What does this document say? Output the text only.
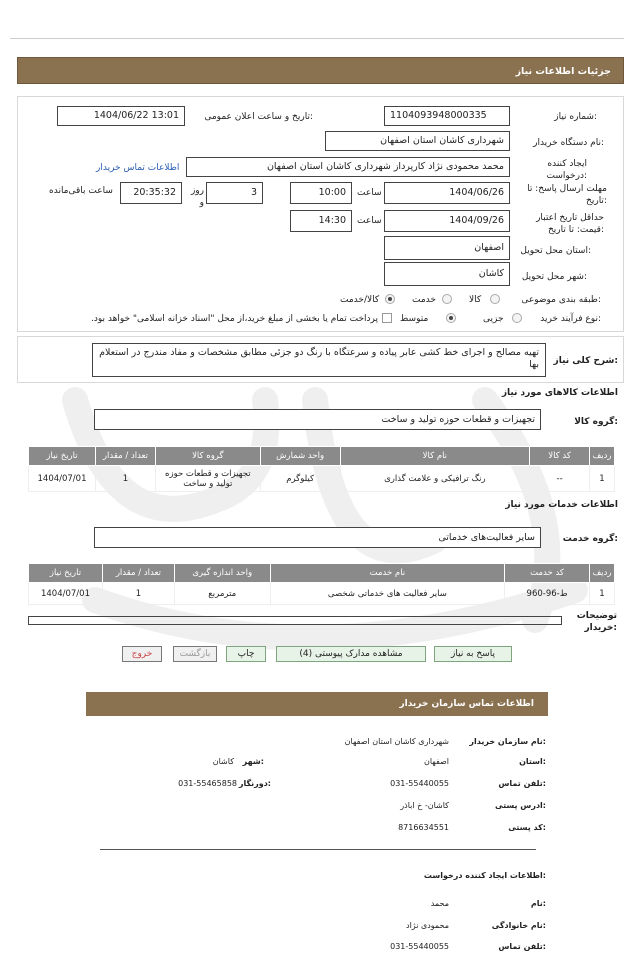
جزئیات اطلاعات نیاز
شماره نیاز:
1104093948000335
تاریخ و ساعت اعلان عمومی:
1404/06/22 13:01
نام دستگاه خریدار:
شهرداری کاشان استان اصفهان
ایجاد کننده درخواست:
محمد محمودی نژاد کارپرداز شهرداری کاشان استان اصفهان
اطلاعات تماس خریدار
مهلت ارسال پاسخ: تا تاریخ:
1404/06/26
ساعت
10:00
3
روز و
20:35:32
ساعت باقی‌مانده
حداقل تاریخ اعتبار قیمت: تا تاریخ:
1404/09/26
ساعت
14:30
استان محل تحویل:
اصفهان
شهر محل تحویل:
کاشان
طبقه بندی موضوعی:
کالا
خدمت
کالا/خدمت
نوع فرآیند خرید:
جزیی
متوسط
پرداخت تمام یا بخشی از مبلغ خرید،از محل "اسناد خزانه اسلامی" خواهد بود.
شرح کلی نیاز:
تهیه مصالح و اجرای خط کشی عابر پیاده و سرعتگاه با رنگ دو جزئی مطابق مشخصات و مفاد مندرج در استعلام بها
اطلاعات کالاهای مورد نیاز
گروه کالا:
تجهیزات و قطعات حوزه تولید و ساخت
ردیف	کد کالا	نام کالا	واحد شمارش	گروه کالا	تعداد / مقدار	تاریخ نیاز
1	--	رنگ ترافیکی و علامت گذاری	کیلوگرم	تجهیزات و قطعات حوزه تولید و ساخت	1	1404/07/01
اطلاعات خدمات مورد نیاز
گروه خدمت:
سایر فعالیت‌های خدماتی
ردیف	کد خدمت	نام خدمت	واحد اندازه گیری	تعداد / مقدار	تاریخ نیاز
1	ط-96-960	سایر فعالیت های خدماتی شخصی	مترمربع	1	1404/07/01
توضیحات خریدار:
پاسخ به نیاز
مشاهده مدارک پیوستی (4)
چاپ
بازگشت
خروج
اطلاعات تماس سازمان خریدار
نام سازمان خریدار:
شهرداری کاشان استان اصفهان
استان:
اصفهان
شهر:
کاشان
تلفن تماس:
031-55440055
دورنگار:
031-55465858
ادرس پستی:
کاشان- خ اباذر
کد پستی:
8716634551
اطلاعات ایجاد کننده درخواست:
نام:
محمد
نام خانوادگی:
محمودی نژاد
تلفن تماس:
031-55440055
